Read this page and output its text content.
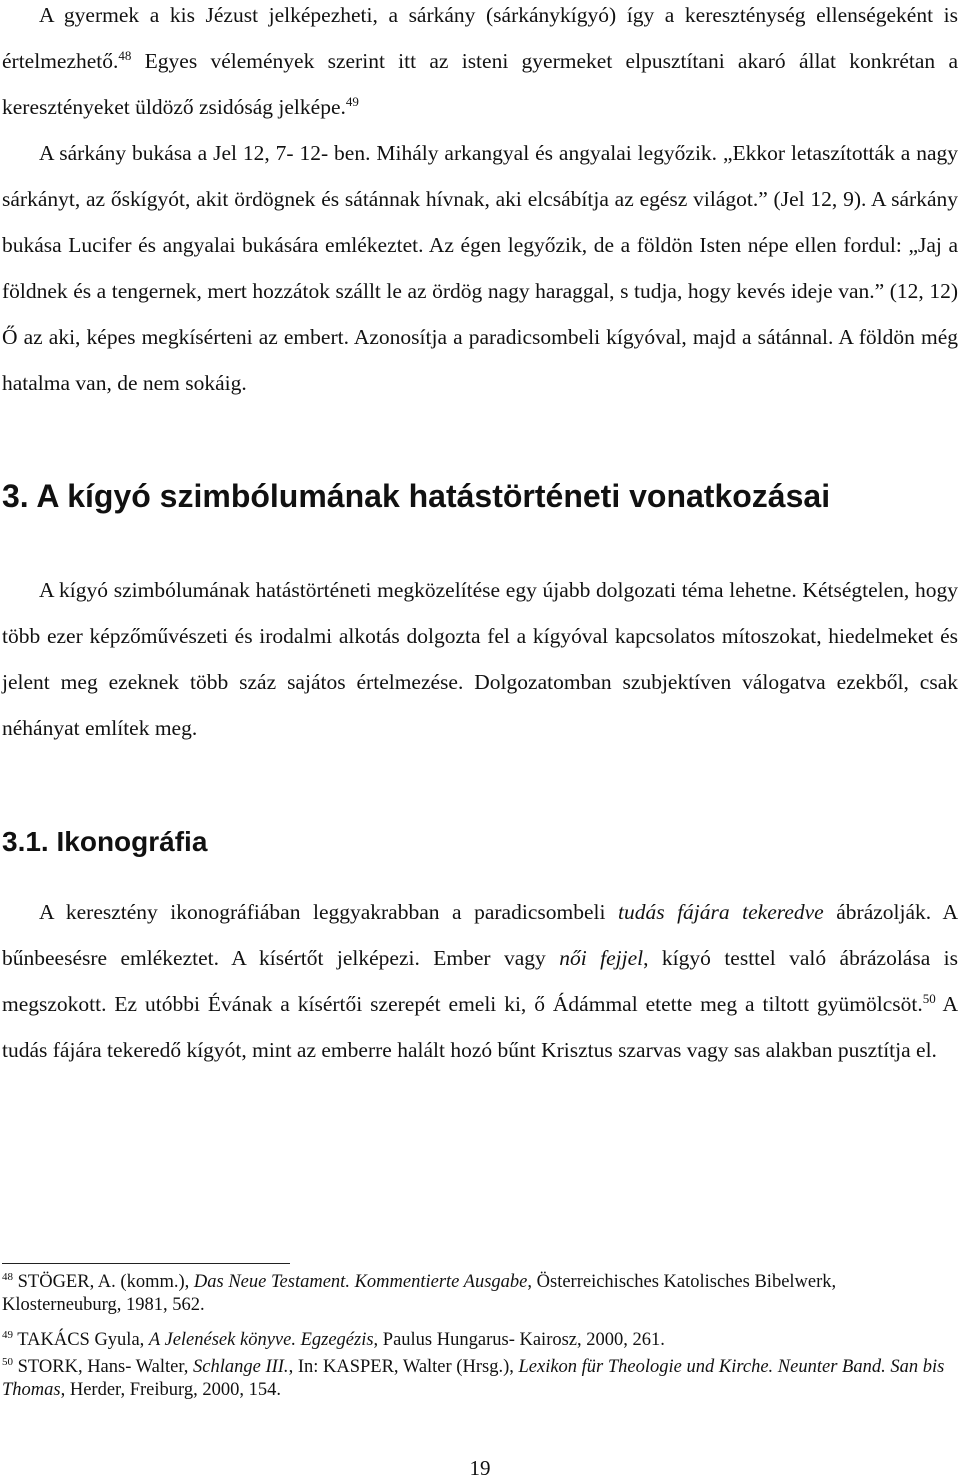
A gyermek a kis Jézust jelképezheti, a sárkány (sárkánykígyó) így a kereszténység ellenségeként is értelmezhető.$^{48}$ Egyes vélemények szerint itt az isteni gyermeket elpusztítani akaró állat konkrétan a keresztényeket üldöző zsidóság jelképe.$^{49}$

A sárkány bukása a Jel 12, 7- 12- ben. Mihály arkangyal és angyalai legyőzik. „Ekkor letaszították a nagy sárkányt, az őskígyót, akit ördögnek és sátánnak hívnak, aki elcsábítja az egész világot.” (Jel 12, 9). A sárkány bukása Lucifer és angyalai bukására emlékeztet. Az égen legyőzik, de a földön Isten népe ellen fordul: „Jaj a földnek és a tengernek, mert hozzátok szállt le az ördög nagy haraggal, s tudja, hogy kevés ideje van.” (12, 12) Ő az aki, képes megkísérteni az embert. Azonosítja a paradicsombeli kígyóval, majd a sátánnal. A földön még hatalma van, de nem sokáig.

3. A kígyó szimbólumának hatástörténeti vonatkozásai

A kígyó szimbólumának hatástörténeti megközelítése egy újabb dolgozati téma lehetne. Kétségtelen, hogy több ezer képzőművészeti és irodalmi alkotás dolgozta fel a kígyóval kapcsolatos mítoszokat, hiedelmeket és jelent meg ezeknek több száz sajátos értelmezése. Dolgozatomban szubjektíven válogatva ezekből, csak néhányat említek meg.

3.1. Ikonográfia

A keresztény ikonográfiában leggyakrabban a paradicsombeli tudás fájára tekeredve ábrázolják. A bűnbeesésre emlékeztet. A kísértőt jelképezi. Ember vagy női fejjel, kígyó testtel való ábrázolása is megszokott. Ez utóbbi Évának a kísértői szerepét emeli ki, ő Ádámmal etette meg a tiltott gyümölcsöt.$^{50}$ A tudás fájára tekeredő kígyót, mint az emberre halált hozó bűnt Krisztus szarvas vagy sas alakban pusztítja el.

$^{48}$ STÖGER, A. (komm.), Das Neue Testament. Kommentierte Ausgabe, Österreichisches Katolisches Bibelwerk, Klosterneuburg, 1981, 562.

$^{49}$ TAKÁCS Gyula, A Jelenések könyve. Egzegézis, Paulus Hungarus- Kairosz, 2000, 261.

$^{50}$ STORK, Hans- Walter, Schlange III., In: KASPER, Walter (Hrsg.), Lexikon für Theologie und Kirche. Neunter Band. San bis Thomas, Herder, Freiburg, 2000, 154.

19
